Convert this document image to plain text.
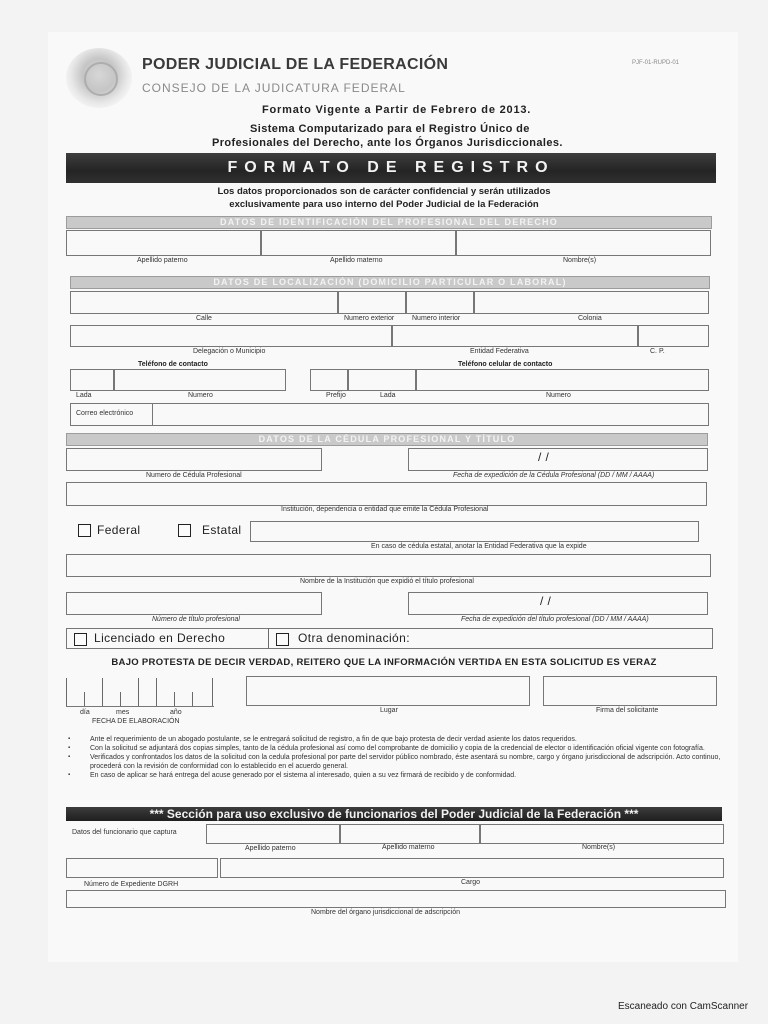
PODER JUDICIAL DE LA FEDERACIÓN
CONSEJO DE LA JUDICATURA FEDERAL
PJF-01-RUPD-01
Formato Vigente a Partir de Febrero de 2013.
Sistema Computarizado para el Registro Único de
Profesionales del Derecho, ante los Órganos Jurisdiccionales.
FORMATO DE REGISTRO
Los datos proporcionados son de carácter confidencial y serán utilizados
exclusivamente para uso interno del Poder Judicial de la Federación
DATOS DE IDENTIFICACIÓN DEL PROFESIONAL DEL DERECHO
Apellido paterno	Apellido materno	Nombre(s)
DATOS DE LOCALIZACIÓN (DOMICILIO PARTICULAR O LABORAL)
Calle	Numero exterior	Numero interior	Colonia
Delegación o Municipio	Entidad Federativa	C. P.
Teléfono de contacto	Teléfono celular de contacto
Lada	Numero	Prefijo	Lada	Numero
Correo electrónico
DATOS DE LA CÉDULA PROFESIONAL Y TÍTULO
/ /
Numero de Cédula Profesional	Fecha de expedición de la Cédula Profesional (DD / MM / AAAA)
Institución, dependencia o entidad que emite la Cédula Profesional
Federal	Estatal
En caso de cédula estatal, anotar la Entidad Federativa que la expide
Nombre de la Institución que expidió el título profesional
/ /
Número de título profesional	Fecha de expedición del título profesional (DD / MM / AAAA)
Licenciado en Derecho	Otra denominación:
BAJO PROTESTA DE DECIR VERDAD, REITERO QUE LA INFORMACIÓN VERTIDA EN ESTA SOLICITUD ES VERAZ
día	mes	año
FECHA DE ELABORACIÓN
Lugar	Firma del solicitante
▪ Ante el requerimiento de un abogado postulante, se le entregará solicitud de registro, a fin de que bajo protesta de decir verdad asiente los datos requeridos.
▪ Con la solicitud se adjuntará dos copias simples, tanto de la cédula profesional así como del comprobante de domicilio y copia de la credencial de elector o identificación oficial vigente con fotografía.
▪ Verificados y confrontados los datos de la solicitud con la cedula profesional por parte del servidor público nombrado, éste asentará su nombre, cargo y órgano jurisdiccional de adscripción. Acto continuo, procederá con la revisión de conformidad con lo establecido en el acuerdo general.
▪ En caso de aplicar se hará entrega del acuse generado por el sistema al interesado, quien a su vez firmará de recibido y de conformidad.
*** Sección para uso exclusivo de funcionarios del Poder Judicial de la Federación ***
Datos del funcionario que captura
Apellido paterno	Apellido materno	Nombre(s)
Número de Expediente DGRH	Cargo
Nombre del órgano jurisdiccional de adscripción
Escaneado con CamScanner
